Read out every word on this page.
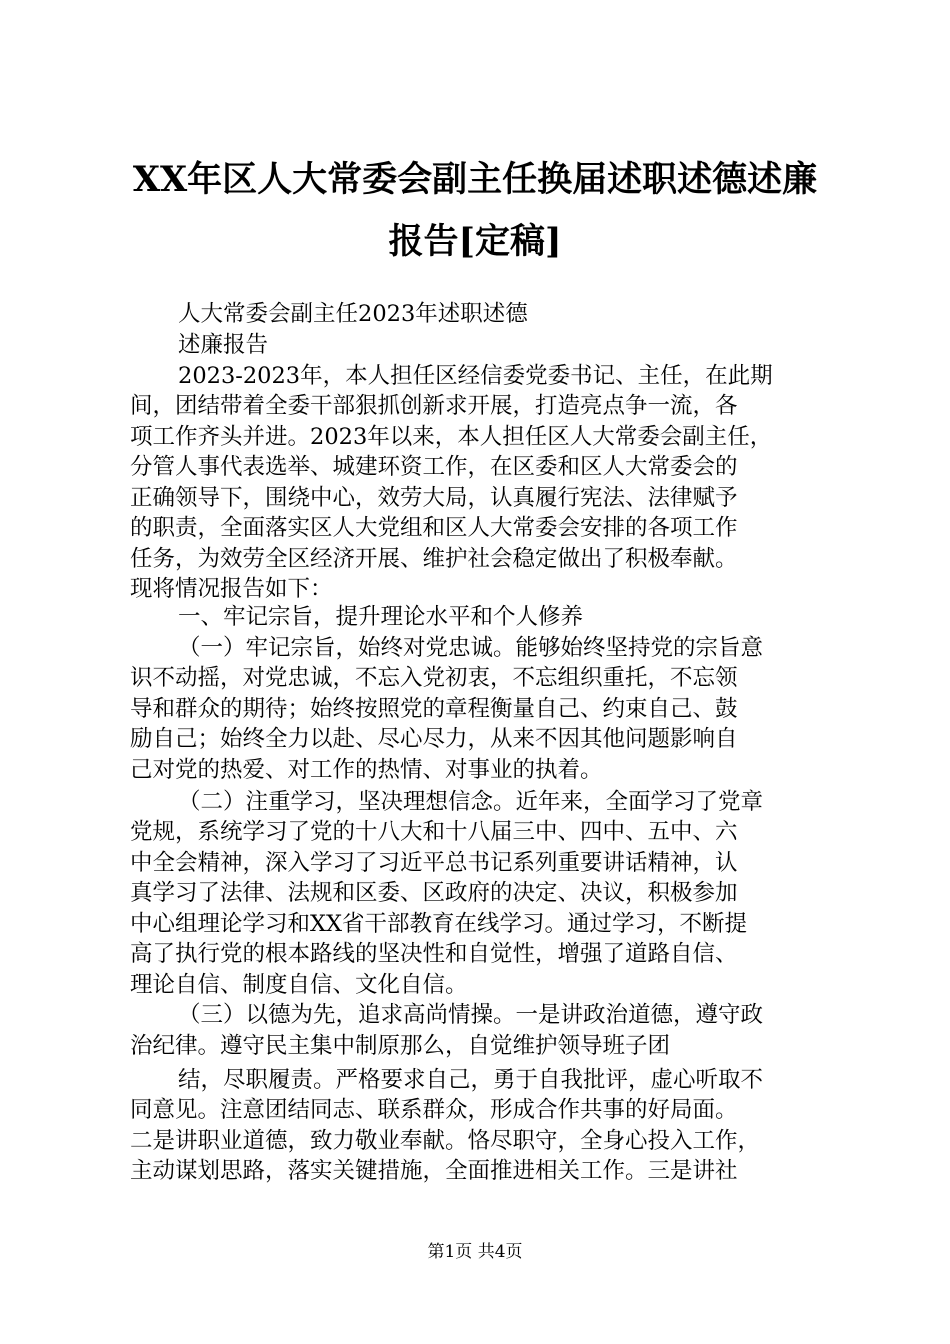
XX年区人大常委会副主任换届述职述德述廉
报告[定稿]
人大常委会副主任2023年述职述德
述廉报告
2023-2023年，本人担任区经信委党委书记、主任，在此期
间，团结带着全委干部狠抓创新求开展，打造亮点争一流，各
项工作齐头并进。2023年以来，本人担任区人大常委会副主任，
分管人事代表选举、城建环资工作，在区委和区人大常委会的
正确领导下，围绕中心，效劳大局，认真履行宪法、法律赋予
的职责，全面落实区人大党组和区人大常委会安排的各项工作
任务，为效劳全区经济开展、维护社会稳定做出了积极奉献。
现将情况报告如下：
一、牢记宗旨，提升理论水平和个人修养
（一）牢记宗旨，始终对党忠诚。能够始终坚持党的宗旨意
识不动摇，对党忠诚，不忘入党初衷，不忘组织重托，不忘领
导和群众的期待；始终按照党的章程衡量自己、约束自己、鼓
励自己；始终全力以赴、尽心尽力，从来不因其他问题影响自
己对党的热爱、对工作的热情、对事业的执着。
（二）注重学习，坚决理想信念。近年来，全面学习了党章
党规，系统学习了党的十八大和十八届三中、四中、五中、六
中全会精神，深入学习了习近平总书记系列重要讲话精神，认
真学习了法律、法规和区委、区政府的决定、决议，积极参加
中心组理论学习和XX省干部教育在线学习。通过学习，不断提
高了执行党的根本路线的坚决性和自觉性，增强了道路自信、
理论自信、制度自信、文化自信。
（三）以德为先，追求高尚情操。一是讲政治道德，遵守政
治纪律。遵守民主集中制原那么，自觉维护领导班子团
结，尽职履责。严格要求自己，勇于自我批评，虚心听取不
同意见。注意团结同志、联系群众，形成合作共事的好局面。
二是讲职业道德，致力敬业奉献。恪尽职守，全身心投入工作，
主动谋划思路，落实关键措施，全面推进相关工作。三是讲社
第1页 共4页
